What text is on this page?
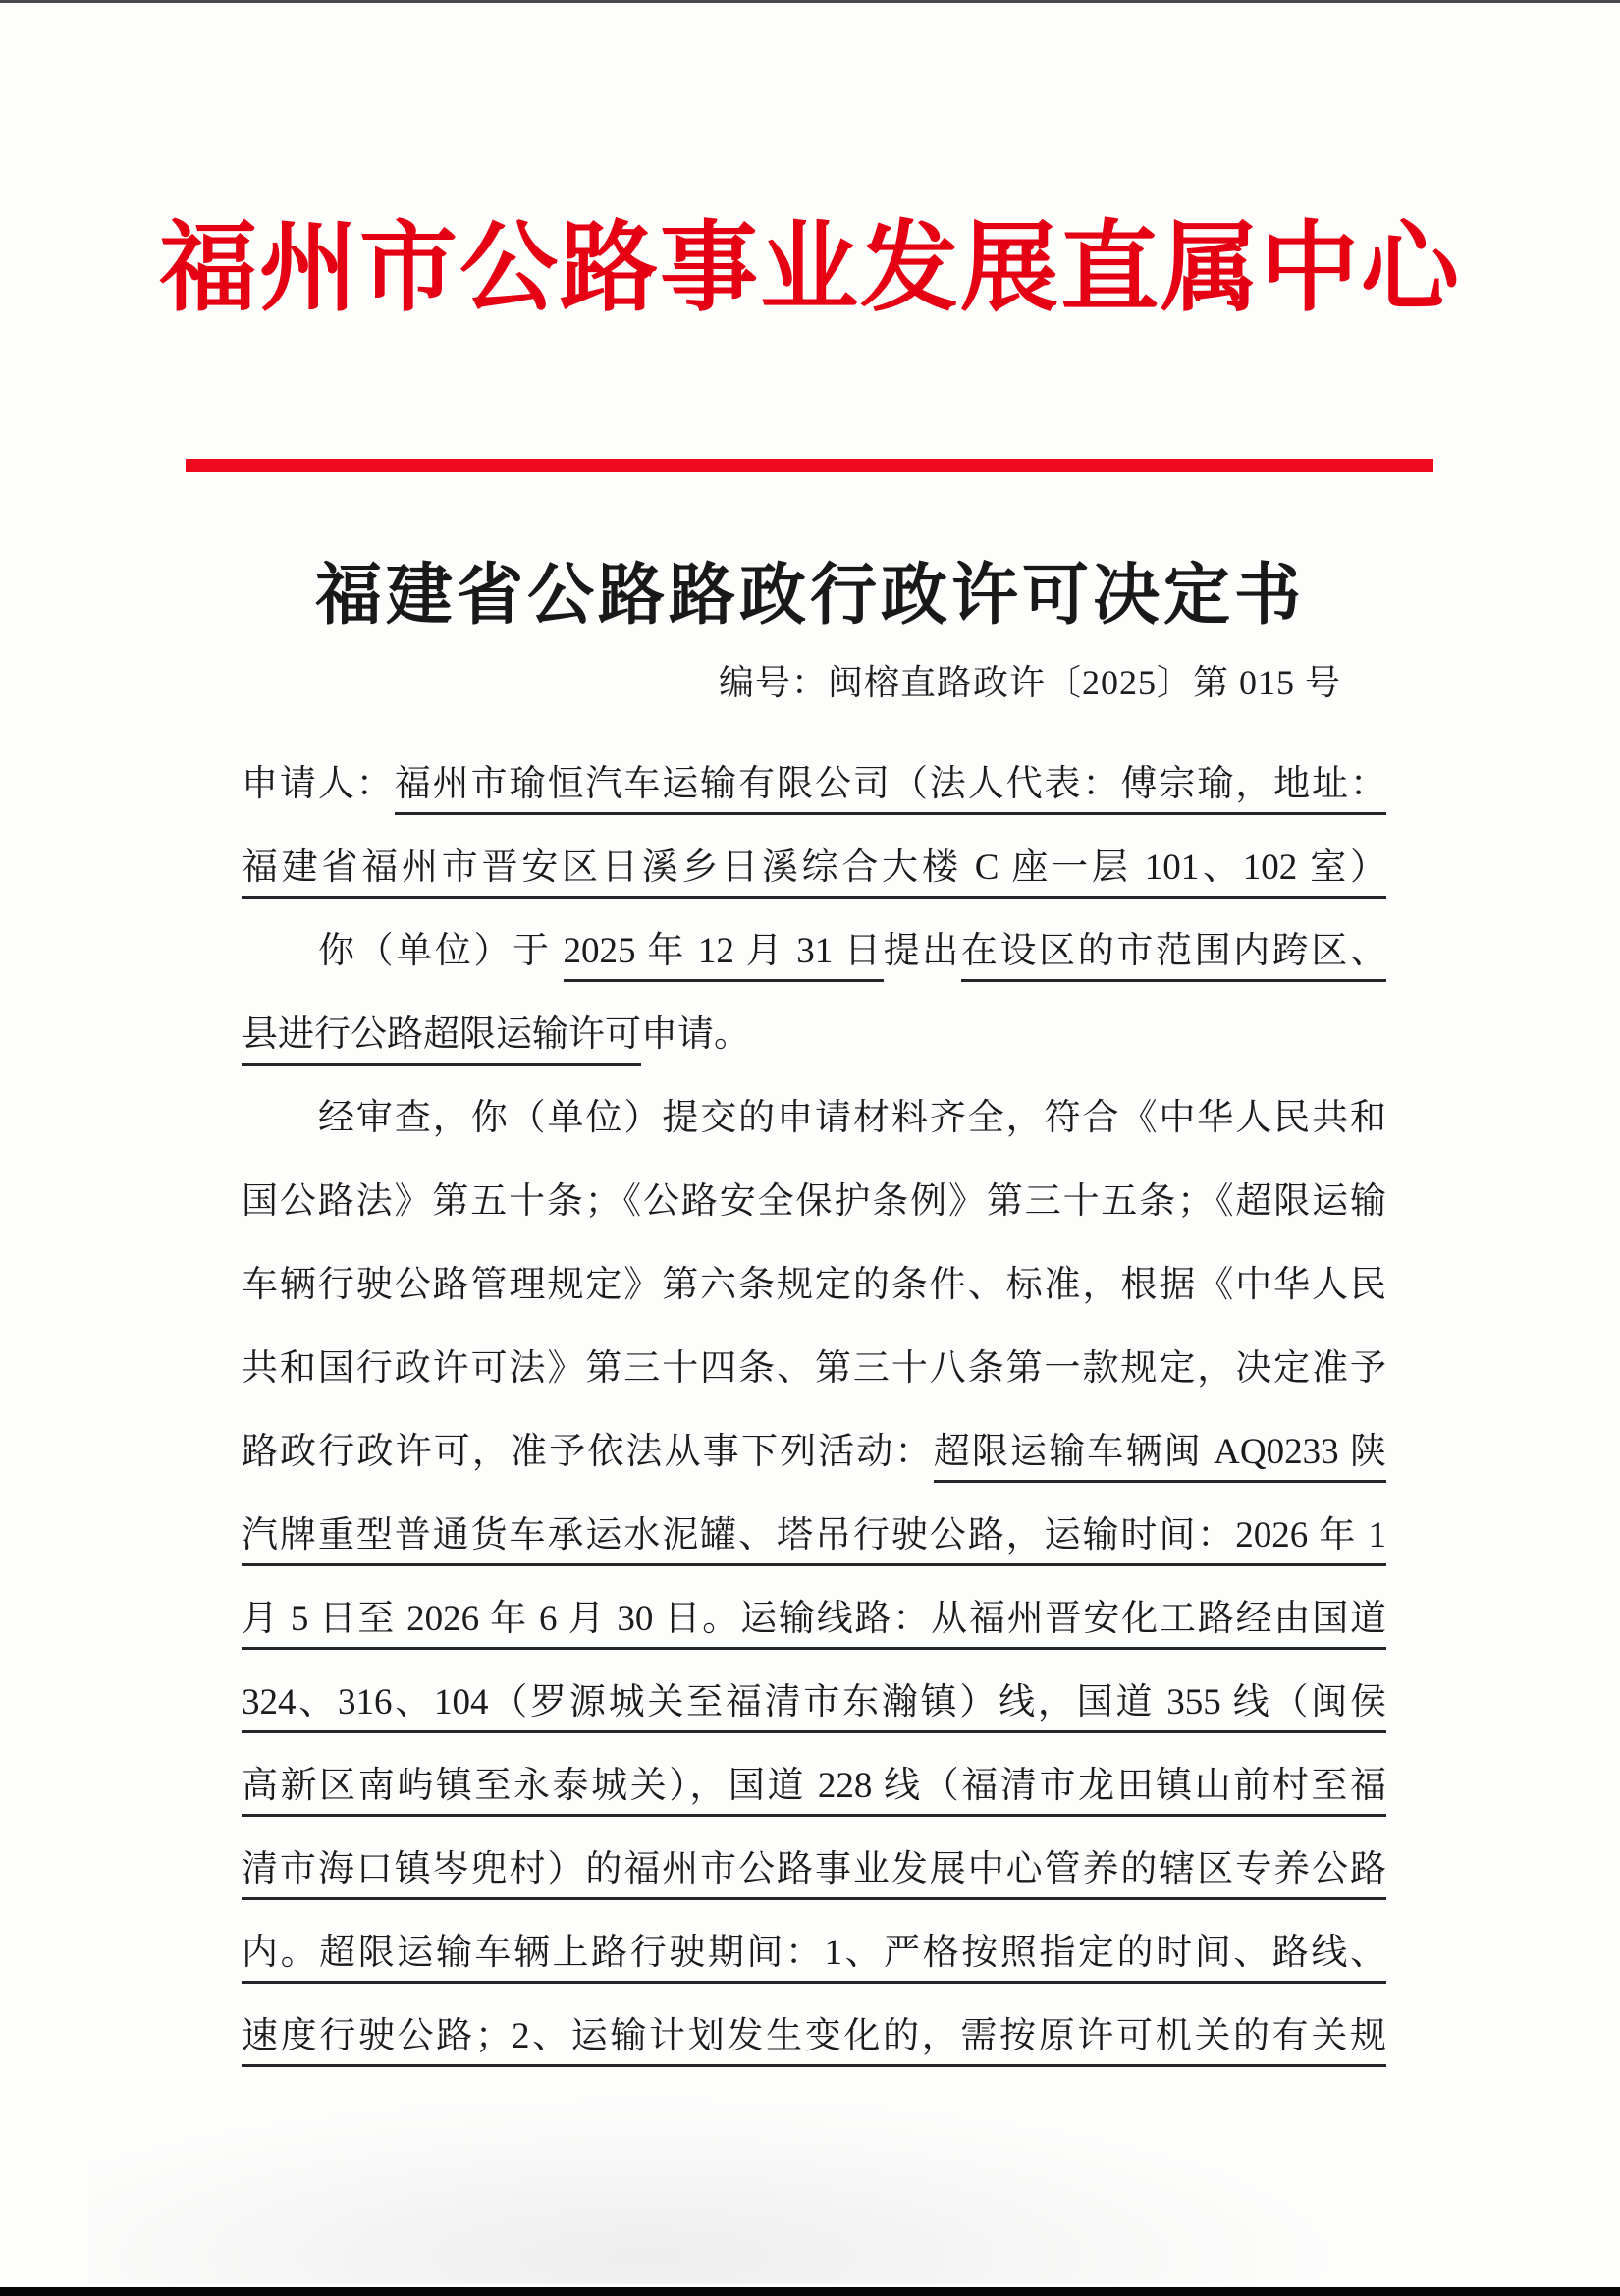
福州市公路事业发展直属中心
福建省公路路政行政许可决定书
编号：闽榕直路政许〔2025〕第 015 号
申请人：福州市瑜恒汽车运输有限公司（法人代表：傅宗瑜，地址：
福建省福州市晋安区日溪乡日溪综合大楼 C 座一层 101、102 室）
你（单位）于 2025 年 12 月 31 日提出在设区的市范围内跨区、
县进行公路超限运输许可申请。
经审查，你（单位）提交的申请材料齐全，符合《中华人民共和
国公路法》第五十条；《公路安全保护条例》第三十五条；《超限运输
车辆行驶公路管理规定》第六条规定的条件、标准，根据《中华人民
共和国行政许可法》第三十四条、第三十八条第一款规定，决定准予
路政行政许可，准予依法从事下列活动：超限运输车辆闽 AQ0233 陕
汽牌重型普通货车承运水泥罐、塔吊行驶公路，运输时间：2026 年 1
月 5 日至 2026 年 6 月 30 日。运输线路：从福州晋安化工路经由国道
324、316、104（罗源城关至福清市东瀚镇）线，国道 355 线（闽侯
高新区南屿镇至永泰城关），国道 228 线（福清市龙田镇山前村至福
清市海口镇岑兜村）的福州市公路事业发展中心管养的辖区专养公路
内。超限运输车辆上路行驶期间：1、严格按照指定的时间、路线、
速度行驶公路；2、运输计划发生变化的，需按原许可机关的有关规
